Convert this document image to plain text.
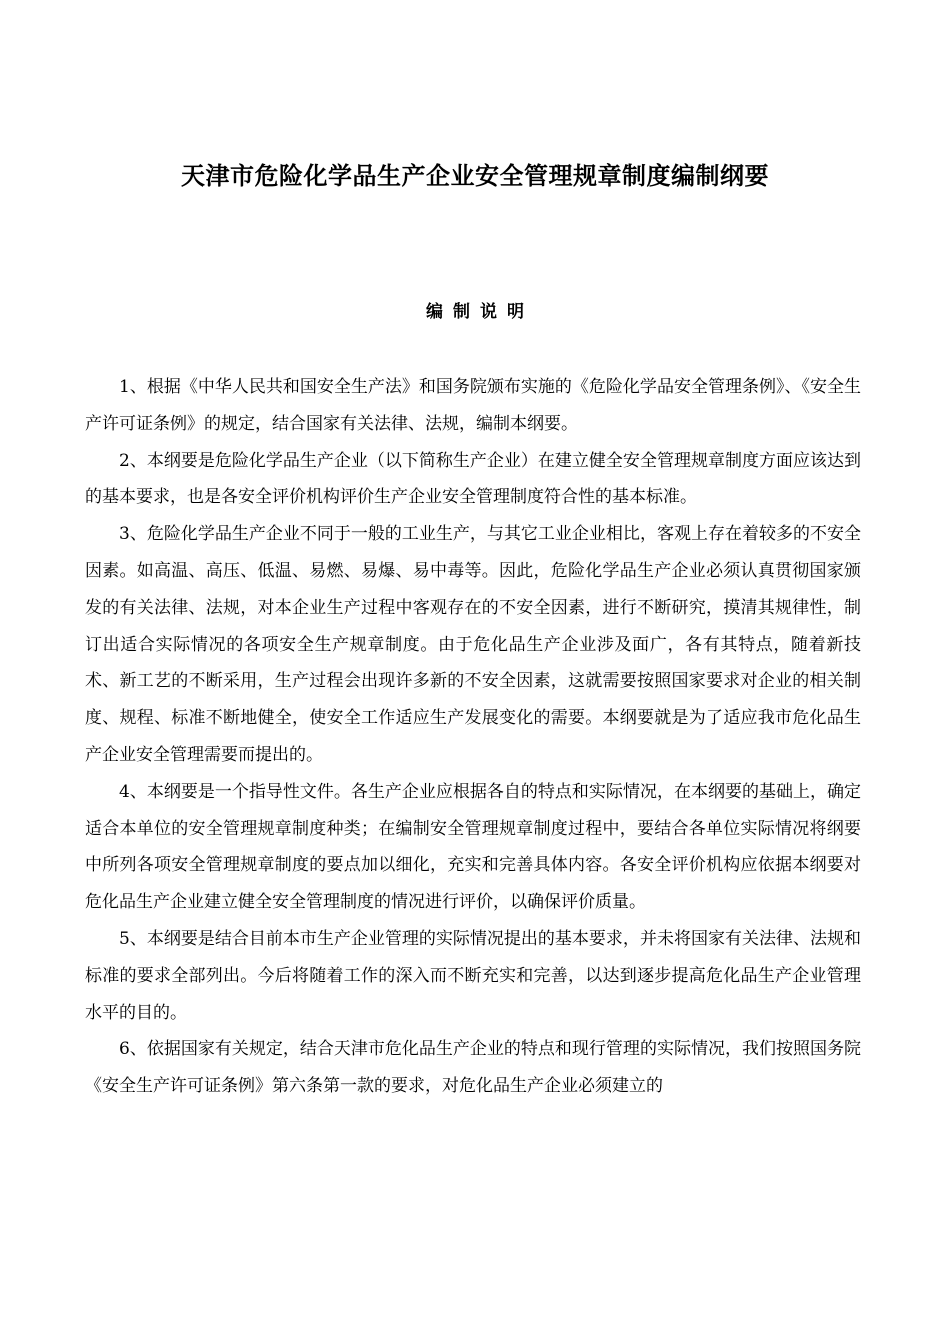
天津市危险化学品生产企业安全管理规章制度编制纲要
编制说明

1、根据《中华人民共和国安全生产法》和国务院颁布实施的《危险化学品安全管理条例》、《安全生产许可证条例》的规定，结合国家有关法律、法规，编制本纲要。

2、本纲要是危险化学品生产企业（以下简称生产企业）在建立健全安全管理规章制度方面应该达到的基本要求，也是各安全评价机构评价生产企业安全管理制度符合性的基本标准。

3、危险化学品生产企业不同于一般的工业生产，与其它工业企业相比，客观上存在着较多的不安全因素。如高温、高压、低温、易燃、易爆、易中毒等。因此，危险化学品生产企业必须认真贯彻国家颁发的有关法律、法规，对本企业生产过程中客观存在的不安全因素，进行不断研究，摸清其规律性，制订出适合实际情况的各项安全生产规章制度。由于危化品生产企业涉及面广，各有其特点，随着新技术、新工艺的不断采用，生产过程会出现许多新的不安全因素，这就需要按照国家要求对企业的相关制度、规程、标准不断地健全，使安全工作适应生产发展变化的需要。本纲要就是为了适应我市危化品生产企业安全管理需要而提出的。

4、本纲要是一个指导性文件。各生产企业应根据各自的特点和实际情况，在本纲要的基础上，确定适合本单位的安全管理规章制度种类；在编制安全管理规章制度过程中，要结合各单位实际情况将纲要中所列各项安全管理规章制度的要点加以细化，充实和完善具体内容。各安全评价机构应依据本纲要对危化品生产企业建立健全安全管理制度的情况进行评价，以确保评价质量。

5、本纲要是结合目前本市生产企业管理的实际情况提出的基本要求，并未将国家有关法律、法规和标准的要求全部列出。今后将随着工作的深入而不断充实和完善，以达到逐步提高危化品生产企业管理水平的目的。

6、依据国家有关规定，结合天津市危化品生产企业的特点和现行管理的实际情况，我们按照国务院《安全生产许可证条例》第六条第一款的要求，对危化品生产企业必须建立的
